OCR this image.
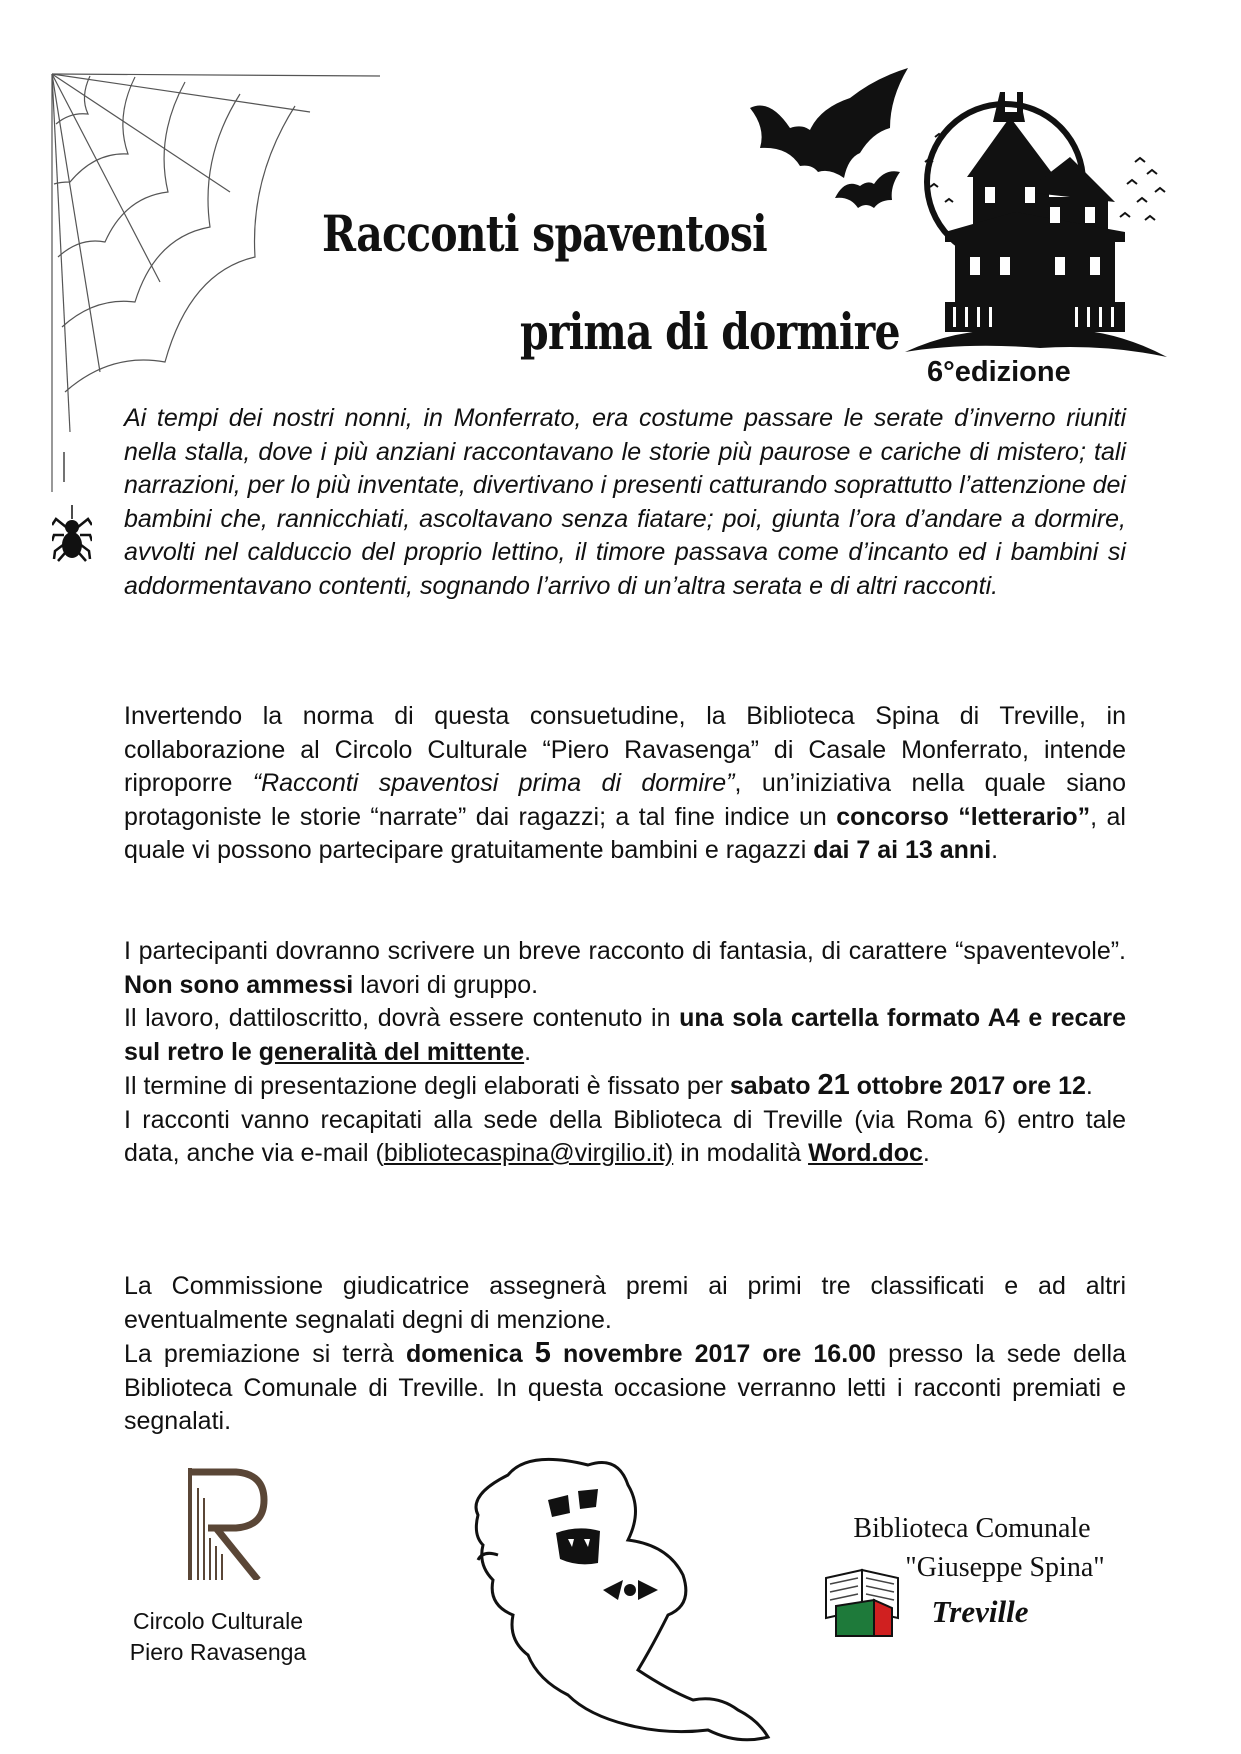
Racconti spaventosi
prima di dormire
6°edizione
Ai tempi dei nostri nonni, in Monferrato, era costume passare le serate d’inverno riuniti nella stalla, dove i più anziani raccontavano le storie più paurose e cariche di mistero; tali narrazioni, per lo più inventate, divertivano i presenti catturando soprattutto l’attenzione dei bambini che, rannicchiati, ascoltavano senza fiatare; poi, giunta l’ora d’andare a dormire, avvolti nel calduccio del proprio lettino, il timore passava come d’incanto ed i bambini si addormentavano contenti, sognando l’arrivo di un’altra serata e di altri racconti.
Invertendo la norma di questa consuetudine, la Biblioteca Spina di Treville, in collaborazione al Circolo Culturale “Piero Ravasenga” di Casale Monferrato, intende riproporre “Racconti spaventosi prima di dormire”, un’iniziativa nella quale siano protagoniste le storie “narrate” dai ragazzi; a tal fine indice un concorso “letterario”, al quale vi possono partecipare gratuitamente bambini e ragazzi dai 7 ai 13 anni.
I partecipanti dovranno scrivere un breve racconto di fantasia, di carattere “spaventevole”. Non sono ammessi lavori di gruppo.
Il lavoro, dattiloscritto, dovrà essere contenuto in una sola cartella formato A4 e recare sul retro le generalità del mittente.
Il termine di presentazione degli elaborati è fissato per sabato 21 ottobre 2017 ore 12.
I racconti vanno recapitati alla sede della Biblioteca di Treville (via Roma 6) entro tale data, anche via e-mail (bibliotecaspina@virgilio.it) in modalità Word.doc.
La Commissione giudicatrice assegnerà premi ai primi tre classificati e ad altri eventualmente segnalati degni di menzione.
La premiazione si terrà domenica 5 novembre 2017 ore 16.00 presso la sede della Biblioteca Comunale di Treville. In questa occasione verranno letti i racconti premiati e segnalati.
Circolo Culturale
Piero Ravasenga
Biblioteca Comunale
"Giuseppe Spina"
Treville
